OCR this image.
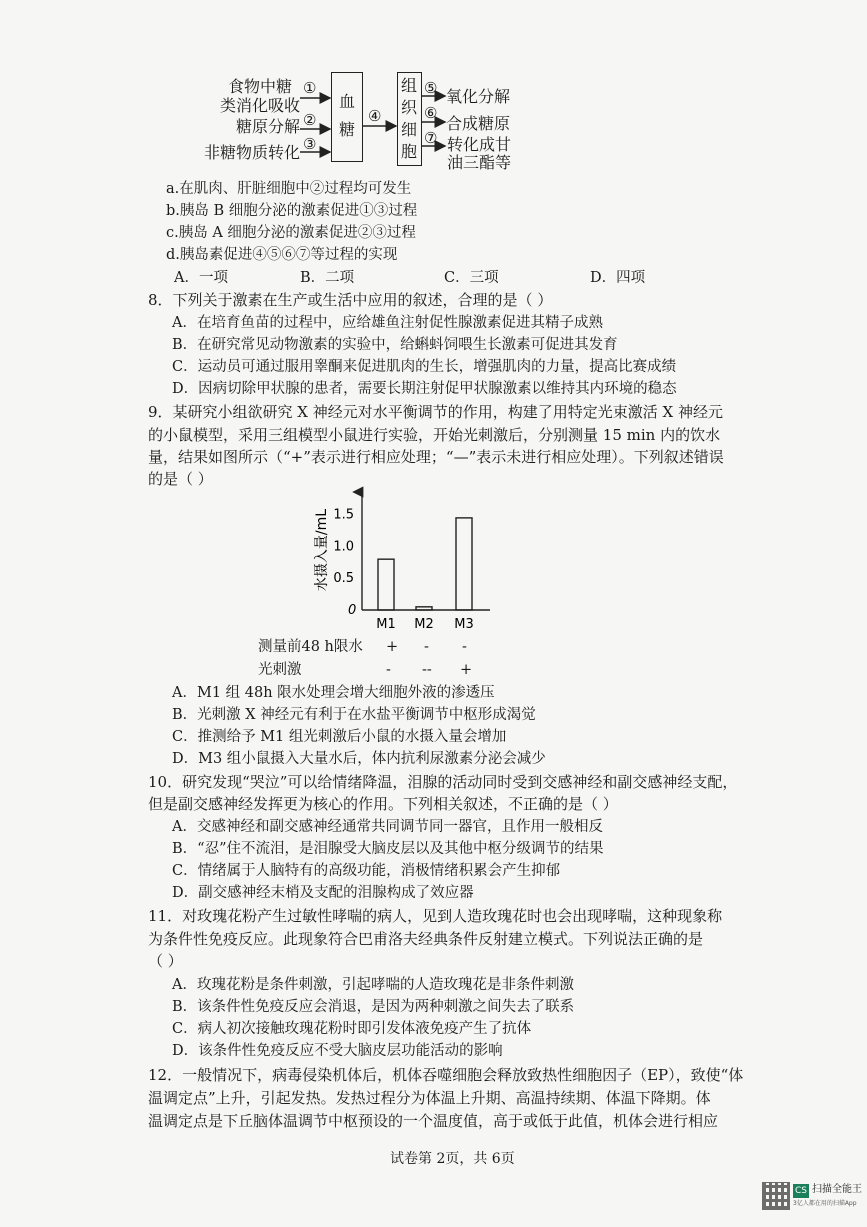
食物中糖
类消化吸收
糖原分解
非糖物质转化
①
②
③
血
糖
④
组
织
细
胞
⑤
⑥
⑦
氧化分解
合成糖原
转化成甘
油三酯等
a.在肌肉、肝脏细胞中②过程均可发生
b.胰岛 B 细胞分泌的激素促进①③过程
c.胰岛 A 细胞分泌的激素促进②③过程
d.胰岛素促进④⑤⑥⑦等过程的实现
A．一项	B．二项	C．三项	D．四项
8．下列关于激素在生产或生活中应用的叙述，合理的是（ ）
A．在培育鱼苗的过程中，应给雄鱼注射促性腺激素促进其精子成熟
B．在研究常见动物激素的实验中，给蝌蚪饲喂生长激素可促进其发育
C．运动员可通过服用睾酮来促进肌肉的生长，增强肌肉的力量，提高比赛成绩
D．因病切除甲状腺的患者，需要长期注射促甲状腺激素以维持其内环境的稳态
9．某研究小组欲研究 X 神经元对水平衡调节的作用，构建了用特定光束激活 X 神经元
的小鼠模型，采用三组模型小鼠进行实验，开始光刺激后，分别测量 15 min 内的饮水
量，结果如图所示（“+”表示进行相应处理；“—”表示未进行相应处理）。下列叙述错误
的是（ ）
水摄入量/mL
0
0.5
1.0
1.5
M1 M2 M3
测量前48 h限水 + - -
光刺激	- -- +
A．M1 组 48h 限水处理会增大细胞外液的渗透压
B．光刺激 X 神经元有利于在水盐平衡调节中枢形成渴觉
C．推测给予 M1 组光刺激后小鼠的水摄入量会增加
D．M3 组小鼠摄入大量水后，体内抗利尿激素分泌会减少
10．研究发现“哭泣”可以给情绪降温，泪腺的活动同时受到交感神经和副交感神经支配，
但是副交感神经发挥更为核心的作用。下列相关叙述，不正确的是（ ）
A．交感神经和副交感神经通常共同调节同一器官，且作用一般相反
B．“忍”住不流泪，是泪腺受大脑皮层以及其他中枢分级调节的结果
C．情绪属于人脑特有的高级功能，消极情绪积累会产生抑郁
D．副交感神经末梢及支配的泪腺构成了效应器
11．对玫瑰花粉产生过敏性哮喘的病人，见到人造玫瑰花时也会出现哮喘，这种现象称
为条件性免疫反应。此现象符合巴甫洛夫经典条件反射建立模式。下列说法正确的是
（ ）
A．玫瑰花粉是条件刺激，引起哮喘的人造玫瑰花是非条件刺激
B．该条件性免疫反应会消退，是因为两种刺激之间失去了联系
C．病人初次接触玫瑰花粉时即引发体液免疫产生了抗体
D．该条件性免疫反应不受大脑皮层功能活动的影响
12．一般情况下，病毒侵染机体后，机体吞噬细胞会释放致热性细胞因子（EP），致使“体
温调定点”上升，引起发热。发热过程分为体温上升期、高温持续期、体温下降期。体
温调定点是下丘脑体温调节中枢预设的一个温度值，高于或低于此值，机体会进行相应
试卷第 2页，共 6页
CS 扫描全能王
3亿人都在用的扫描App
